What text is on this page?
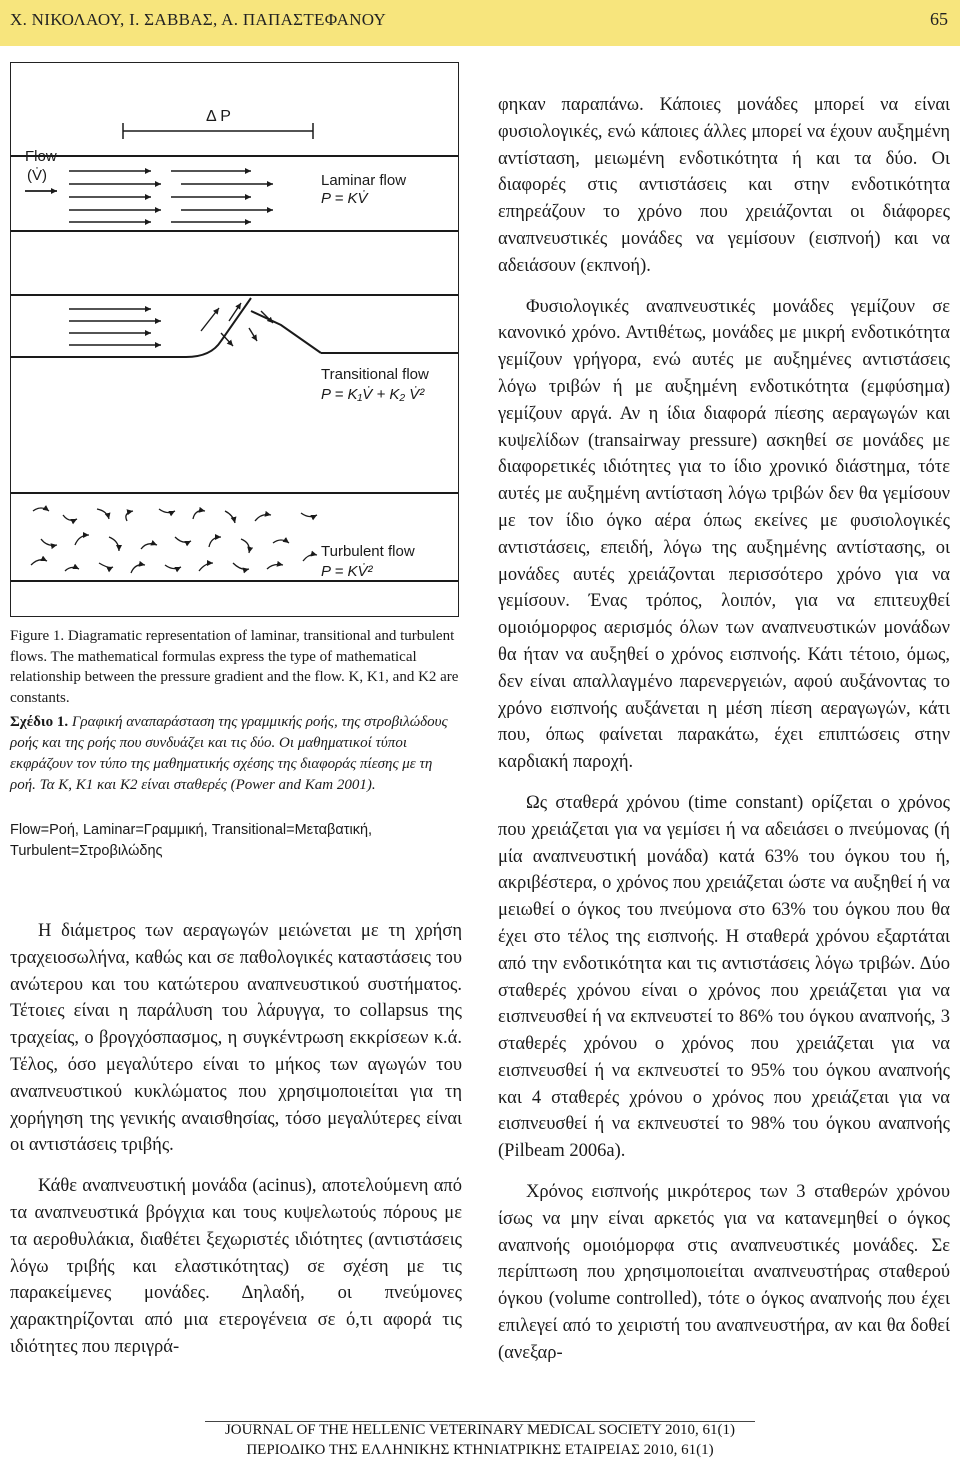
Χ. ΝΙΚΟΛΑΟΥ, Ι. ΣΑΒΒΑΣ, Α. ΠΑΠΑΣΤΕΦΑΝΟΥ	65
Δ P
Flow
(V̇)	Laminar flow
P = KV̇
Transitional flow
P = K₁V̇ + K₂ V̇²
Turbulent flow
P = KV̇²

Figure 1. Diagramatic representation of laminar, transitional and turbulent flows. The mathematical formulas express the type of mathematical relationship between the pressure gradient and the flow. K, K1, and K2 are constants.

Σχέδιο 1. Γραφική αναπαράσταση της γραμμικής ροής, της στροβιλώδους ροής και της ροής που συνδυάζει και τις δύο. Οι μαθηματικοί τύποι εκφράζουν τον τύπο της μαθηματικής σχέσης της διαφοράς πίεσης με τη ροή. Τα Κ, Κ1 και Κ2 είναι σταθερές (Power and Kam 2001).

Flow=Ροή, Laminar=Γραμμική, Transitional=Μεταβατική, Turbulent=Στροβιλώδης

Η διάμετρος των αεραγωγών μειώνεται με τη χρήση τραχειοσωλήνα, καθώς και σε παθολογικές καταστάσεις του ανώτερου και του κατώτερου αναπνευστικού συστήματος. Τέτοιες είναι η παράλυση του λάρυγγα, το collapsus της τραχείας, ο βρογχόσπασμος, η συγκέντρωση εκκρίσεων κ.ά. Τέλος, όσο μεγαλύτερο είναι το μήκος των αγωγών του αναπνευστικού κυκλώματος που χρησιμοποιείται για τη χορήγηση της γενικής αναισθησίας, τόσο μεγαλύτερες είναι οι αντιστάσεις τριβής.

Κάθε αναπνευστική μονάδα (acinus), αποτελούμενη από τα αναπνευστικά βρόγχια και τους κυψελωτούς πόρους με τα αεροθυλάκια, διαθέτει ξεχωριστές ιδιότητες (αντιστάσεις λόγω τριβής και ελαστικότητας) σε σχέση με τις παρακείμενες μονάδες. Δηλαδή, οι πνεύμονες χαρακτηρίζονται από μια ετερογένεια σε ό,τι αφορά τις ιδιότητες που περιγρά-

φηκαν παραπάνω. Κάποιες μονάδες μπορεί να είναι φυσιολογικές, ενώ κάποιες άλλες μπορεί να έχουν αυξημένη αντίσταση, μειωμένη ενδοτικότητα ή και τα δύο. Οι διαφορές στις αντιστάσεις και στην ενδοτικότητα επηρεάζουν το χρόνο που χρειάζονται οι διάφορες αναπνευστικές μονάδες να γεμίσουν (εισπνοή) και να αδειάσουν (εκπνοή).

Φυσιολογικές αναπνευστικές μονάδες γεμίζουν σε κανονικό χρόνο. Αντιθέτως, μονάδες με μικρή ενδοτικότητα γεμίζουν γρήγορα, ενώ αυτές με αυξημένες αντιστάσεις λόγω τριβών ή με αυξημένη ενδοτικότητα (εμφύσημα) γεμίζουν αργά. Αν η ίδια διαφορά πίεσης αεραγωγών και κυψελίδων (transairway pressure) ασκηθεί σε μονάδες με διαφορετικές ιδιότητες για το ίδιο χρονικό διάστημα, τότε αυτές με αυξημένη αντίσταση λόγω τριβών δεν θα γεμίσουν με τον ίδιο όγκο αέρα όπως εκείνες με φυσιολογικές αντιστάσεις, επειδή, λόγω της αυξημένης αντίστασης, οι μονάδες αυτές χρειάζονται περισσότερο χρόνο για να γεμίσουν. Ένας τρόπος, λοιπόν, για να επιτευχθεί ομοιόμορφος αερισμός όλων των αναπνευστικών μονάδων θα ήταν να αυξηθεί ο χρόνος εισπνοής. Κάτι τέτοιο, όμως, δεν είναι απαλλαγμένο παρενεργειών, αφού αυξάνοντας το χρόνο εισπνοής αυξάνεται η μέση πίεση αεραγωγών, κάτι που, όπως φαίνεται παρακάτω, έχει επιπτώσεις στην καρδιακή παροχή.

Ως σταθερά χρόνου (time constant) ορίζεται ο χρόνος που χρειάζεται για να γεμίσει ή να αδειάσει ο πνεύμονας (ή μία αναπνευστική μονάδα) κατά 63% του όγκου του ή, ακριβέστερα, ο χρόνος που χρειάζεται ώστε να αυξηθεί ή να μειωθεί ο όγκος του πνεύμονα στο 63% του όγκου που θα έχει στο τέλος της εισπνοής. Η σταθερά χρόνου εξαρτάται από την ενδοτικότητα και τις αντιστάσεις λόγω τριβών. Δύο σταθερές χρόνου είναι ο χρόνος που χρειάζεται για να εισπνευσθεί ή να εκπνευστεί το 86% του όγκου αναπνοής, 3 σταθερές χρόνου ο χρόνος που χρειάζεται για να εισπνευσθεί ή να εκπνευστεί το 95% του όγκου αναπνοής και 4 σταθερές χρόνου ο χρόνος που χρειάζεται για να εισπνευσθεί ή να εκπνευστεί το 98% του όγκου αναπνοής (Pilbeam 2006a).

Χρόνος εισπνοής μικρότερος των 3 σταθερών χρόνου ίσως να μην είναι αρκετός για να κατανεμηθεί ο όγκος αναπνοής ομοιόμορφα στις αναπνευστικές μονάδες. Σε περίπτωση που χρησιμοποιείται αναπνευστήρας σταθερού όγκου (volume controlled), τότε ο όγκος αναπνοής που έχει επιλεγεί από το χειριστή του αναπνευστήρα, αν και θα δοθεί (ανεξαρ-

JOURNAL OF THE HELLENIC VETERINARY MEDICAL SOCIETY 2010, 61(1)
ΠΕΡΙΟΔΙΚΟ ΤΗΣ ΕΛΛΗΝΙΚΗΣ ΚΤΗΝΙΑΤΡΙΚΗΣ ΕΤΑΙΡΕΙΑΣ 2010, 61(1)
